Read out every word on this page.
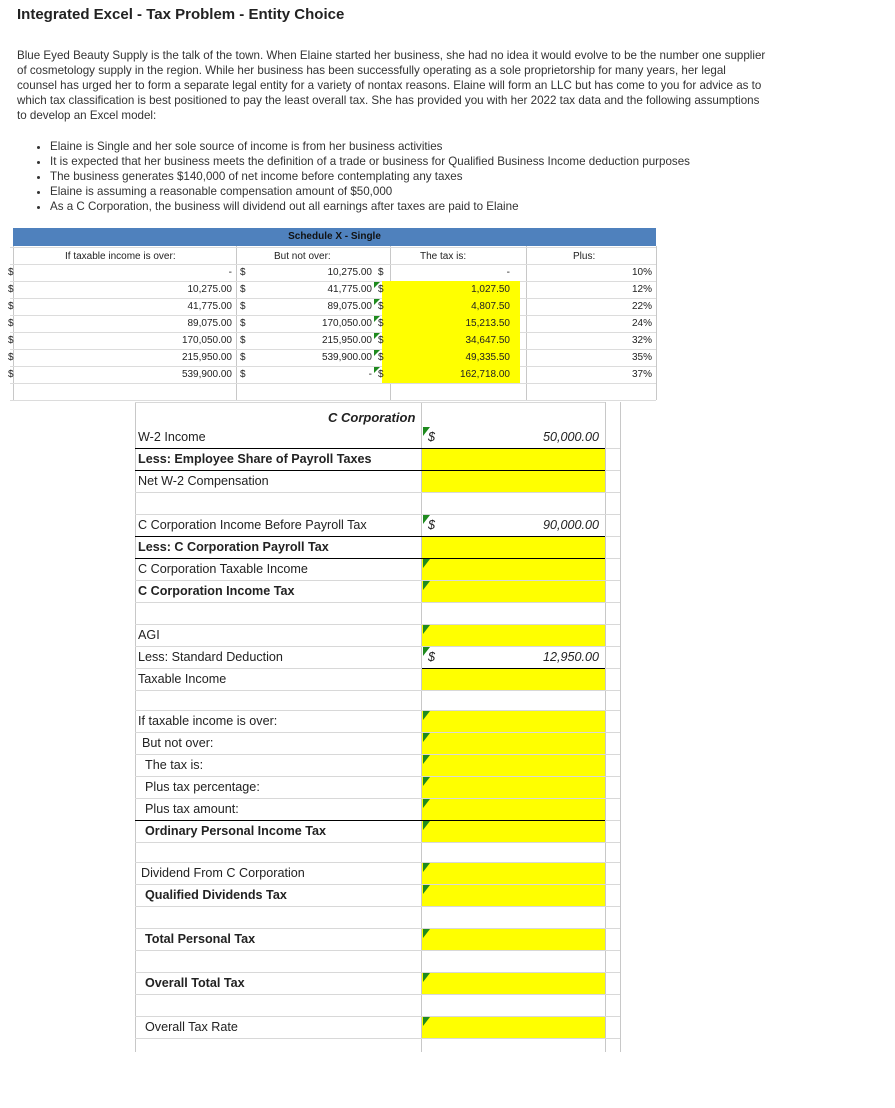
Integrated Excel - Tax Problem - Entity Choice

Blue Eyed Beauty Supply is the talk of the town. When Elaine started her business, she had no idea it would evolve to be the number one supplier of cosmetology supply in the region. While her business has been successfully operating as a sole proprietorship for many years, her legal counsel has urged her to form a separate legal entity for a variety of nontax reasons. Elaine will form an LLC but has come to you for advice as to which tax classification is best positioned to pay the least overall tax. She has provided you with her 2022 tax data and the following assumptions to develop an Excel model:

• Elaine is Single and her sole source of income is from her business activities
• It is expected that her business meets the definition of a trade or business for Qualified Business Income deduction purposes
• The business generates $140,000 of net income before contemplating any taxes
• Elaine is assuming a reasonable compensation amount of $50,000
• As a C Corporation, the business will dividend out all earnings after taxes are paid to Elaine
Schedule X - Single
If taxable income is over:	But not over:	The tax is:	Plus:
$	- $	10,275.00 $	-	10%
$	10,275.00 $	41,775.00 $	1,027.50	12%
$	41,775.00 $	89,075.00 $	4,807.50	22%
$	89,075.00 $	170,050.00 $	15,213.50	24%
$	170,050.00 $	215,950.00 $	34,647.50	32%
$	215,950.00 $	539,900.00 $	49,335.50	35%
$	539,900.00 $	- $	162,718.00	37%
C Corporation
W-2 Income	$	50,000.00
Less: Employee Share of Payroll Taxes
Net W-2 Compensation
C Corporation Income Before Payroll Tax	$	90,000.00
Less: C Corporation Payroll Tax
C Corporation Taxable Income
C Corporation Income Tax
AGI
Less: Standard Deduction	$	12,950.00
Taxable Income
If taxable income is over:
But not over:
The tax is:
Plus tax percentage:
Plus tax amount:
Ordinary Personal Income Tax
Dividend From C Corporation
Qualified Dividends Tax
Total Personal Tax
Overall Total Tax
Overall Tax Rate
